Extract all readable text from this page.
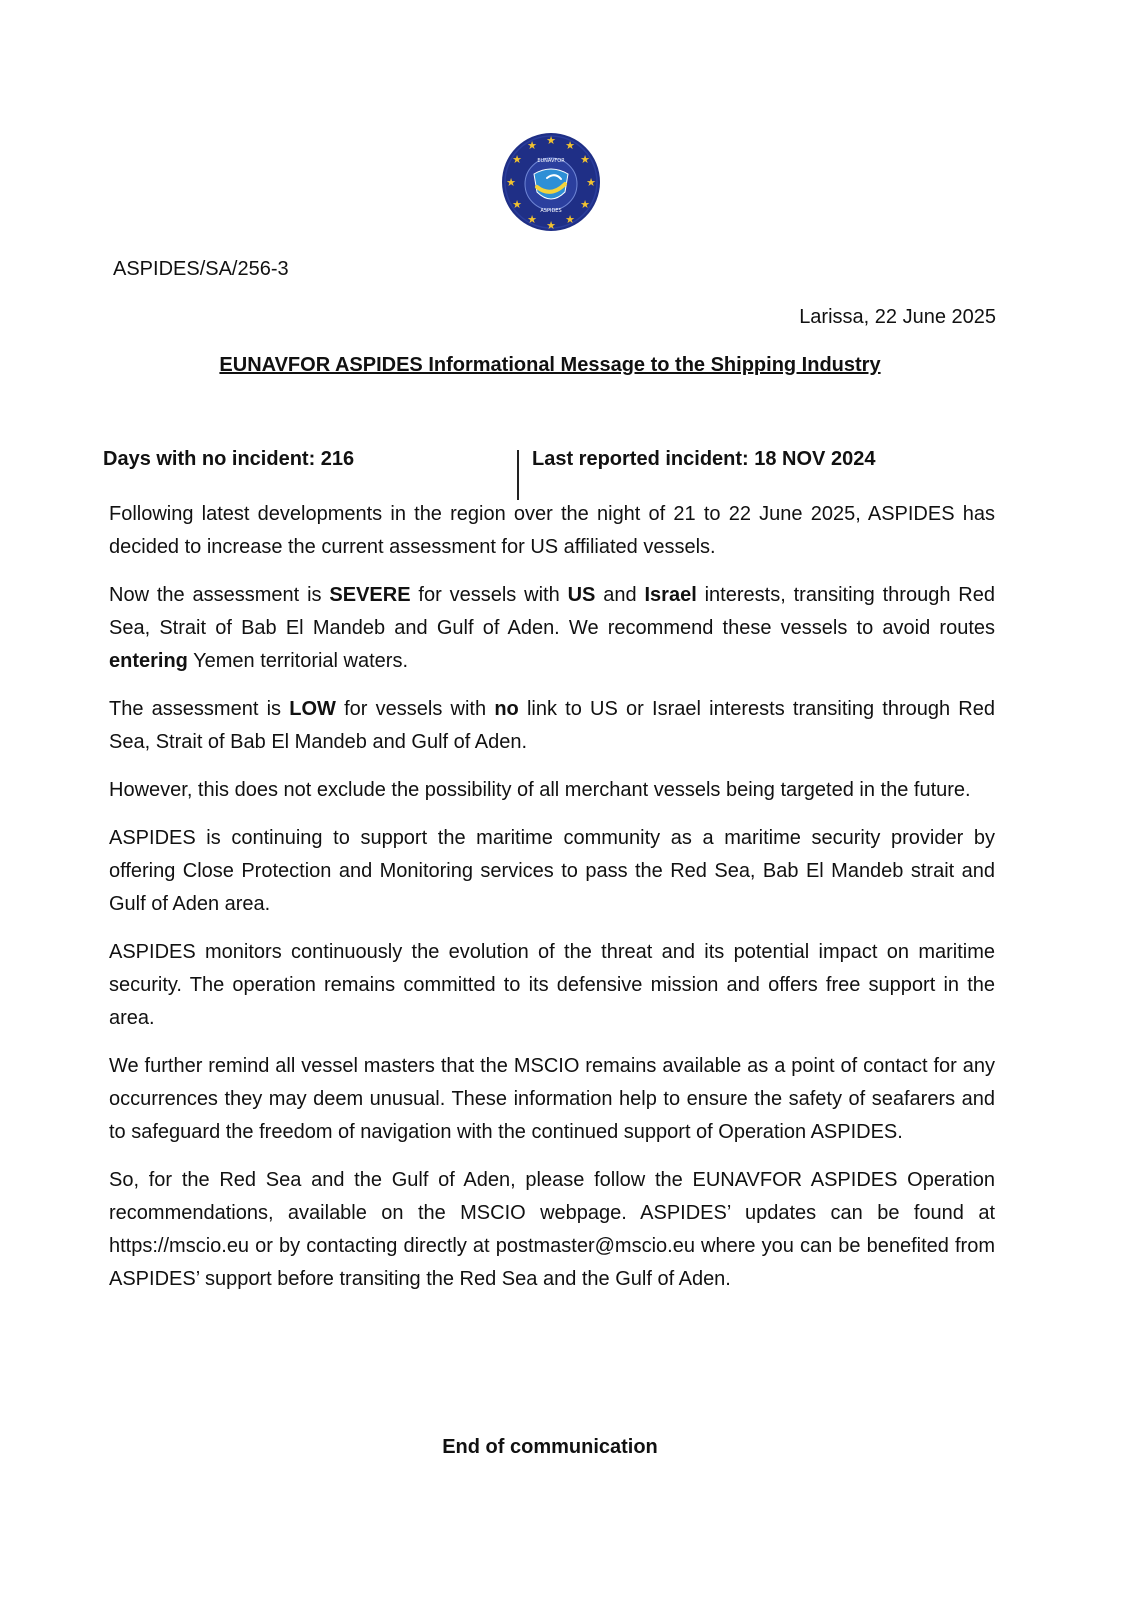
★ ★
★
★
★
★
★
★
★
★
★
★
EUNAVFOR
ASPIDES
ASPIDES/SA/256-3
Larissa, 22 June 2025
EUNAVFOR ASPIDES Informational Message to the Shipping Industry
Days with no incident: 216	Last reported incident: 18 NOV 2024

Following latest developments in the region over the night of 21 to 22 June 2025, ASPIDES has decided to increase the current assessment for US affiliated vessels.

Now the assessment is SEVERE for vessels with US and Israel interests, transiting through Red Sea, Strait of Bab El Mandeb and Gulf of Aden. We recommend these vessels to avoid routes entering Yemen territorial waters.

The assessment is LOW for vessels with no link to US or Israel interests transiting through Red Sea, Strait of Bab El Mandeb and Gulf of Aden.

However, this does not exclude the possibility of all merchant vessels being targeted in the future.

ASPIDES is continuing to support the maritime community as a maritime security provider by offering Close Protection and Monitoring services to pass the Red Sea, Bab El Mandeb strait and Gulf of Aden area.

ASPIDES monitors continuously the evolution of the threat and its potential impact on maritime security. The operation remains committed to its defensive mission and offers free support in the area.

We further remind all vessel masters that the MSCIO remains available as a point of contact for any occurrences they may deem unusual. These information help to ensure the safety of seafarers and to safeguard the freedom of navigation with the continued support of Operation ASPIDES.

So, for the Red Sea and the Gulf of Aden, please follow the EUNAVFOR ASPIDES Operation recommendations, available on the MSCIO webpage. ASPIDES’ updates can be found at https://mscio.eu or by contacting directly at postmaster@mscio.eu where you can be benefited from ASPIDES’ support before transiting the Red Sea and the Gulf of Aden.

End of communication
